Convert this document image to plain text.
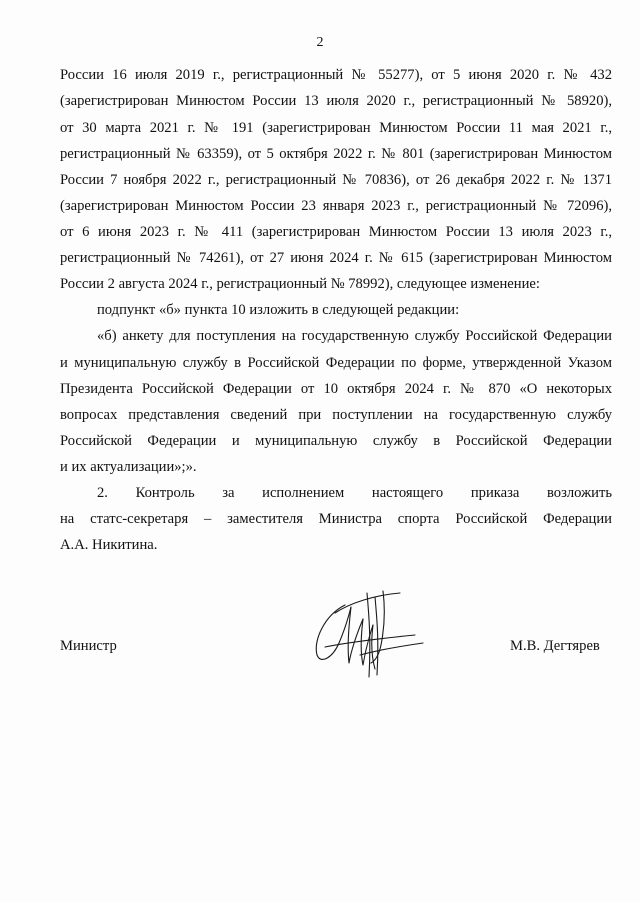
2
России 16 июля 2019 г., регистрационный № 55277), от 5 июня 2020 г. № 432
(зарегистрирован Минюстом России 13 июля 2020 г., регистрационный № 58920),
от 30 марта 2021 г. № 191 (зарегистрирован Минюстом России 11 мая 2021 г.,
регистрационный № 63359), от 5 октября 2022 г. № 801 (зарегистрирован Минюстом
России 7 ноября 2022 г., регистрационный № 70836), от 26 декабря 2022 г. № 1371
(зарегистрирован Минюстом России 23 января 2023 г., регистрационный № 72096),
от 6 июня 2023 г. № 411 (зарегистрирован Минюстом России 13 июля 2023 г.,
регистрационный № 74261), от 27 июня 2024 г. № 615 (зарегистрирован Минюстом
России 2 августа 2024 г., регистрационный № 78992), следующее изменение:
подпункт «б» пункта 10 изложить в следующей редакции:
«б) анкету для поступления на государственную службу Российской Федерации
и муниципальную службу в Российской Федерации по форме, утвержденной Указом
Президента Российской Федерации от 10 октября 2024 г. № 870 «О некоторых
вопросах представления сведений при поступлении на государственную службу
Российской Федерации и муниципальную службу в Российской Федерации
и их актуализации»;».
2. Контроль за исполнением настоящего приказа возложить
на статс-секретаря – заместителя Министра спорта Российской Федерации
А.А. Никитина.
Министр	М.В. Дегтярев
